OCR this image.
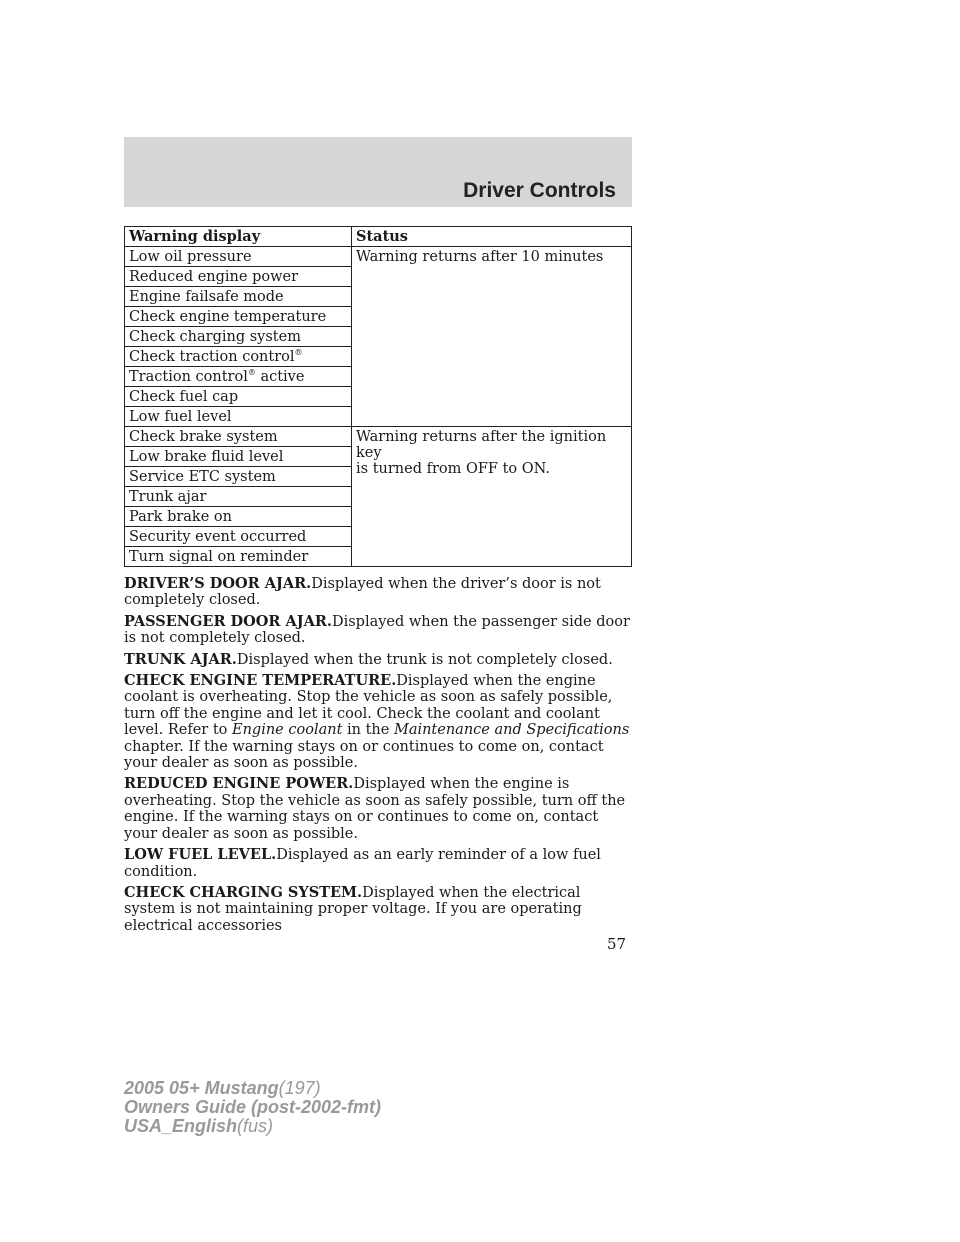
Driver Controls
Warning display	Status
Low oil pressure	Warning returns after 10 minutes
Reduced engine power	
Engine failsafe mode	
Check engine temperature	
Check charging system	
Check traction control®
Traction control® active	
Check fuel cap	
Low fuel level	
Check brake system	Warning returns after the ignition key
is turned from OFF to ON.
Low brake fluid level	
Service ETC system	
Trunk ajar	
Park brake on	
Security event occurred	
Turn signal on reminder	

DRIVER’S DOOR AJAR.Displayed when the driver’s door is not completely closed.

PASSENGER DOOR AJAR.Displayed when the passenger side door is not completely closed.

TRUNK AJAR.Displayed when the trunk is not completely closed.

CHECK ENGINE TEMPERATURE.Displayed when the engine coolant is overheating. Stop the vehicle as soon as safely possible, turn off the engine and let it cool. Check the coolant and coolant level. Refer to Engine coolant in the Maintenance and Specifications chapter. If the warning stays on or continues to come on, contact your dealer as soon as possible.

REDUCED ENGINE POWER.Displayed when the engine is overheating. Stop the vehicle as soon as safely possible, turn off the engine. If the warning stays on or continues to come on, contact your dealer as soon as possible.

LOW FUEL LEVEL.Displayed as an early reminder of a low fuel condition.

CHECK CHARGING SYSTEM.Displayed when the electrical system is not maintaining proper voltage. If you are operating electrical accessories

57
2005 05+ Mustang(197)
Owners Guide (post-2002-fmt)
USA_English(fus)
